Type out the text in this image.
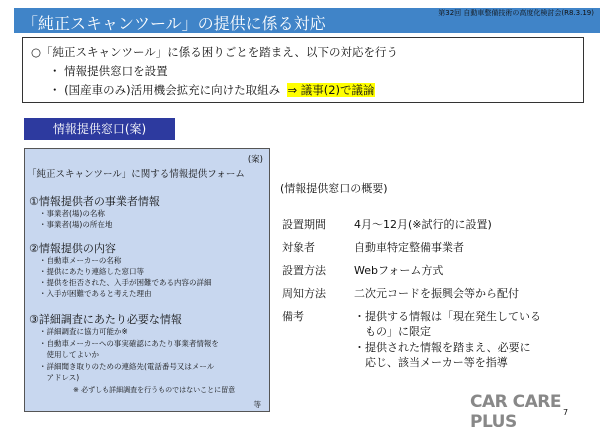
「純正スキャンツール」の提供に係る対応
第32回 自動車整備技術の高度化検討会(R8.3.19)
○「純正スキャンツール」に係る困りごとを踏まえ、以下の対応を行う
・ 情報提供窓口を設置
・ (国産車のみ)活用機会拡充に向けた取組み ⇒ 議事(2)で議論
情報提供窓口(案)
(案)
「純正スキャンツール」に関する情報提供フォーム
①情報提供者の事業者情報
・事業者(場)の名称
・事業者(場)の所在地
②情報提供の内容
・自動車メーカーの名称
・提供にあたり連絡した窓口等
・提供を拒否された、入手が困難である内容の詳細
・入手が困難であると考えた理由
③詳細調査にあたり必要な情報
・詳細調査に協力可能か※
・自動車メーカーへの事実確認にあたり事業者情報を
　使用してよいか
・詳細聞き取りのための連絡先(電話番号又はメール
　アドレス)
※ 必ずしも詳細調査を行うものではないことに留意
等
(情報提供窓口の概要)
設置期間	4月～12月(※試行的に設置)
対象者	自動車特定整備事業者
設置方法	Webフォーム方式
周知方法	二次元コードを振興会等から配付
備考	・提供する情報は「現在発生している
　もの」に限定
・提供された情報を踏まえ、必要に
　応じ、該当メーカー等を指導
CAR CARE PLUS	7
